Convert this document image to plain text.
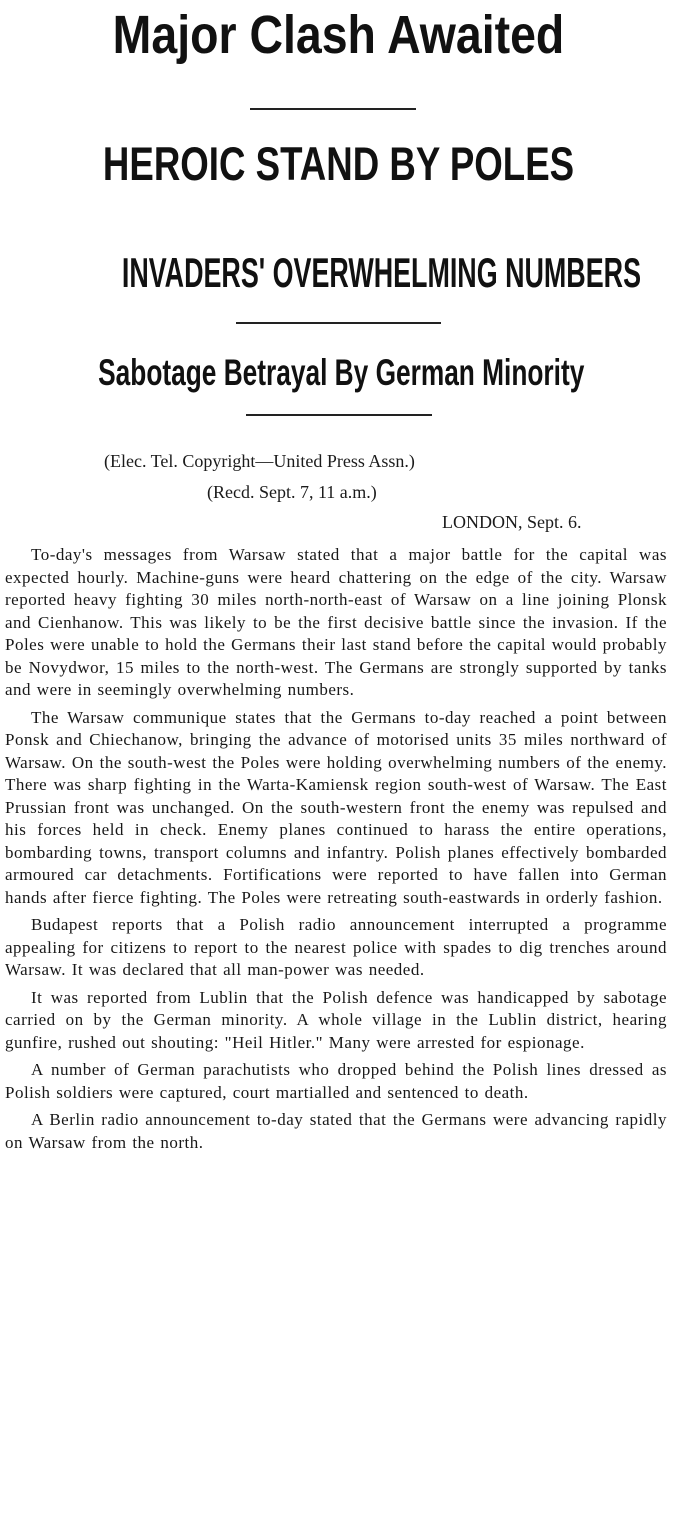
Major Clash Awaited
HEROIC STAND BY POLES
INVADERS' OVERWHELMING NUMBERS
Sabotage Betrayal By German Minority
(Elec. Tel. Copyright—United Press Assn.)
(Recd. Sept. 7, 11 a.m.)
LONDON, Sept. 6.

To-day's messages from Warsaw stated that a major battle for the capital was expected hourly. Machine-guns were heard chattering on the edge of the city. Warsaw reported heavy fighting 30 miles north-north-east of Warsaw on a line joining Plonsk and Cienhanow. This was likely to be the first decisive battle since the invasion. If the Poles were unable to hold the Germans their last stand before the capital would probably be Novydwor, 15 miles to the north-west. The Germans are strongly supported by tanks and were in seemingly overwhelming numbers.

The Warsaw communique states that the Germans to-day reached a point between Ponsk and Chiechanow, bringing the advance of motorised units 35 miles northward of Warsaw. On the south-west the Poles were holding overwhelming numbers of the enemy. There was sharp fighting in the Warta-Kamiensk region south-west of Warsaw. The East Prussian front was unchanged. On the south-western front the enemy was repulsed and his forces held in check. Enemy planes continued to harass the entire operations, bombarding towns, transport columns and infantry. Polish planes effectively bombarded armoured car detachments. Fortifications were reported to have fallen into German hands after fierce fighting. The Poles were retreating south-eastwards in orderly fashion.

Budapest reports that a Polish radio announcement interrupted a programme appealing for citizens to report to the nearest police with spades to dig trenches around Warsaw. It was declared that all man-power was needed.

It was reported from Lublin that the Polish defence was handicapped by sabotage carried on by the German minority. A whole village in the Lublin district, hearing gunfire, rushed out shouting: "Heil Hitler." Many were arrested for espionage.

A number of German parachutists who dropped behind the Polish lines dressed as Polish soldiers were captured, court martialled and sentenced to death.

A Berlin radio announcement to-day stated that the Germans were advancing rapidly on Warsaw from the north.
